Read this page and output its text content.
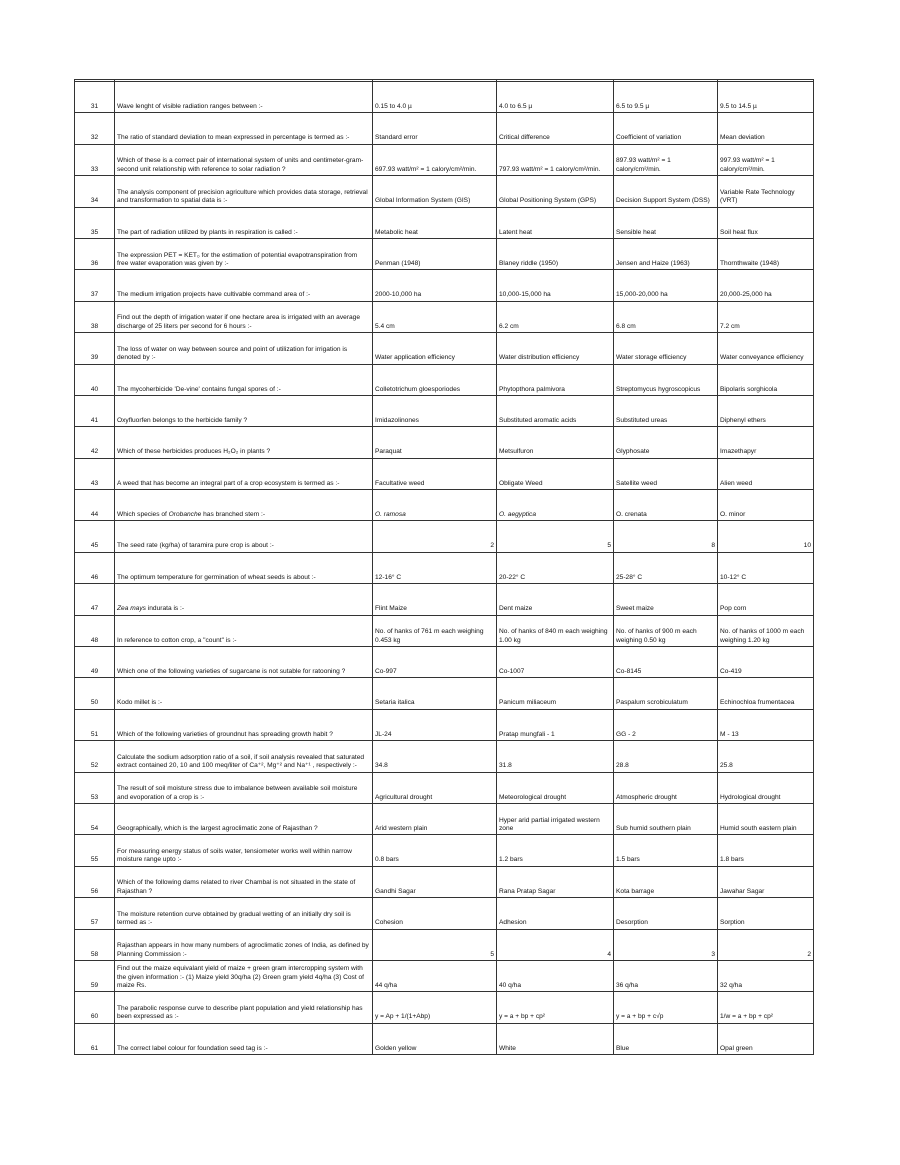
31	Wave lenght of visible radiation ranges between :-	0.15 to 4.0 µ	4.0 to 6.5 µ	6.5 to 9.5 µ	9.5 to 14.5 µ
32	The ratio of standard deviation to mean expressed in percentage is termed as :-	Standard error	Critical difference	Coefficient of variation	Mean deviation
33	Which of these is a correct pair of international system of units and centimeter-gram-second unit relationship with reference to solar radiation ?	697.93 watt/m² = 1 calory/cm²/min.	797.93 watt/m² = 1 calory/cm²/min.	897.93 watt/m² = 1 calory/cm²/min.	997.93 watt/m² = 1 calory/cm²/min.
34	The analysis component of precision agriculture which provides data storage, retrieval and transformation to spatial data is :-	Global Information System (GIS)	Global Positioning System (GPS)	Decision Support System (DSS)	Variable Rate Technology (VRT)
35	The part of radiation utilized by plants in respiration is called :-	Metabolic heat	Latent heat	Sensible heat	Soil heat flux
36	The expression PET = KET₀ for the estimation of potential evapotranspiration from free water evaporation was given by :-	Penman (1948)	Blaney riddle (1950)	Jensen and Haize (1963)	Thornthwaite (1948)
37	The medium irrigation projects have cultivable command area of :-	2000-10,000 ha	10,000-15,000 ha	15,000-20,000 ha	20,000-25,000 ha
38	Find out the depth of irrigation water if one hectare area is irrigated with an average discharge of 25 liters per second for 6 hours :-	5.4 cm	6.2 cm	6.8 cm	7.2 cm
39	The loss of water on way between source and point of utilization for irrigation is denoted by :-	Water application efficiency	Water distribution efficiency	Water storage efficiency	Water conveyance efficiency
40	The mycoherbicide 'De-vine' contains fungal spores of :-	Colletotrichum gloesporiodes	Phytopthora palmivora	Streptomycus hygroscopicus	Bipolaris sorghicola
41	Oxyfluorfen belongs to the herbicide family ?	Imidazolinones	Substituted aromatic acids	Substituted ureas	Diphenyl ethers
42	Which of these herbicides produces H₂O₂ in plants ?	Paraquat	Metsulfuron	Glyphosate	Imazethapyr
43	A weed that has become an integral part of a crop ecosystem is termed as :-	Facultative weed	Obligate Weed	Satellite weed	Alien weed
44	Which species of Orobanche has branched stem :-	O. ramosa	O. aegyptica	O. crenata	O. minor
45	The seed rate (kg/ha) of taramira pure crop is about :-	2	5	8	10
46	The optimum temperature for germination of wheat seeds is about :-	12-16° C	20-22° C	25-28° C	10-12° C
47	Zea mays indurata is :-	Flint Maize	Dent maize	Sweet maize	Pop corn
48	In reference to cotton crop, a "count" is :-	No. of hanks of 761 m each weighing 0.453 kg	No. of hanks of 840 m each weighing 1.00 kg	No. of hanks of 900 m each weighing 0.50 kg	No. of hanks of 1000 m each weighing 1.20 kg
49	Which one of the following varieties of sugarcane is not sutable for ratooning ?	Co-997	Co-1007	Co-8145	Co-419
50	Kodo millet is :-	Setaria italica	Panicum miliaceum	Paspalum scrobiculatum	Echinochloa frumentacea
51	Which of the following varieties of groundnut has spreading growth habit ?	JL-24	Pratap mungfali - 1	GG - 2	M - 13
52	Calculate the sodium adsorption ratio of a soil, if soil analysis revealed that saturated extract contained 20, 10 and 100 meq/liter of Ca⁺², Mg⁺² and Na⁺¹ , respectively :-	34.8	31.8	28.8	25.8
53	The result of soil moisture stress due to imbalance between available soil moisture and evoporation of a crop is :-	Agricultural drought	Meteorological drought	Atmospheric drought	Hydrological drought
54	Geographically, which is the largest agroclimatic zone of Rajasthan ?	Arid western plain	Hyper arid partial irrigated western zone	Sub humid southern plain	Humid south eastern plain
55	For measuring energy status of soils water, tensiometer works well within narrow moisture range upto :-	0.8 bars	1.2 bars	1.5 bars	1.8 bars
56	Which of the following dams related to river Chambal is not situated in the state of Rajasthan ?	Gandhi Sagar	Rana Pratap Sagar	Kota barrage	Jawahar Sagar
57	The moisture retention curve obtained by gradual wetting of an initially dry soil is termed as :-	Cohesion	Adhesion	Desorption	Sorption
58	Rajasthan appears in how many numbers of agroclimatic zones of India, as defined by Planning Commission :-	5	4	3	2
59	Find out the maize equivalant yield of maize + green gram intercropping system with the given information :- (1) Maize yield 30q/ha (2) Green gram yield 4q/ha (3) Cost of maize Rs.	44 q/ha	40 q/ha	36 q/ha	32 q/ha
60	The parabolic response curve to describe plant population and yield relationship has been expressed as :-	y = Ap + 1/(1+Abp)	y = a + bp + cp²	y = a + bp + c√p	1/w = a + bp + cp²
61	The correct label colour for foundation seed tag is :-	Golden yellow	White	Blue	Opal green
